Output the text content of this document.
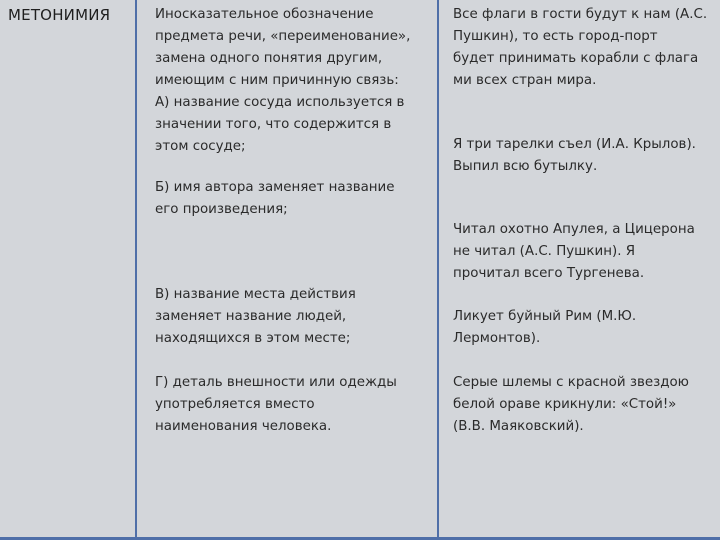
МЕТОНИМИЯ	Иносказательное обозначение
предмета речи, «переименование»,
замена одного понятия другим,
имеющим с ним причинную связь:
А) название сосуда используется в
значении того, что содержится в
этом сосуде;
Б) имя автора заменяет название
его произведения;
В) название места действия
заменяет название людей,
находящихся в этом месте;
Г) деталь внешности или одежды
употребляется вместо
наименования человека.
Все флаги в гости будут к нам (А.С.
Пушкин), то есть город-порт
будет принимать корабли с флага
ми всех стран мира.
Я три тарелки съел (И.А. Крылов).
Выпил всю бутылку.
Читал охотно Апулея, а Цицерона
не читал (А.С. Пушкин). Я
прочитал всего Тургенева.
Ликует буйный Рим (М.Ю.
Лермонтов).
Серые шлемы с красной звездою
белой ораве крикнули: «Стой!»
(В.В. Маяковский).
